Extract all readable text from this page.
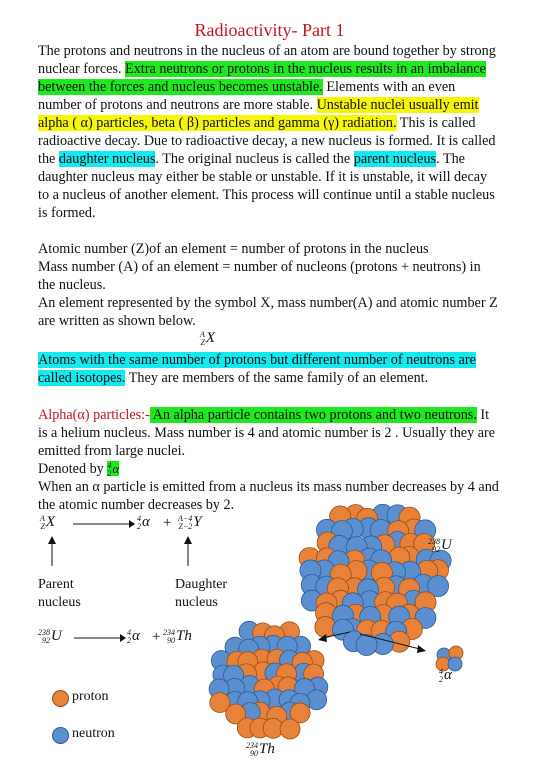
Radioactivity- Part 1
The protons and neutrons in the nucleus of an atom are bound together by strong nuclear forces. Extra neutrons or protons in the nucleus results in an imbalance between the forces and nucleus becomes unstable. Elements with an even number of protons and neutrons are more stable. Unstable nuclei usually emit alpha ( α) particles, beta ( β) particles and gamma (γ) radiation. This is called radioactive decay. Due to radioactive decay, a new nucleus is formed. It is called the daughter nucleus. The original nucleus is called the parent nucleus. The daughter nucleus may either be stable or unstable. If it is unstable, it will decay to a nucleus of another element. This process will continue until a stable nucleus is formed.
Atomic number (Z)of an element = number of protons in the nucleus
Mass number (A) of an element = number of nucleons (protons + neutrons) in the nucleus.
An element represented by the symbol X, mass number(A) and atomic number Z are written as shown below.
A
ZX
Atoms with the same number of protons but different number of neutrons are called isotopes. They are members of the same family of an element.
Alpha(α) particles:- An alpha particle contains two protons and two neutrons. It is a helium nucleus. Mass number is 4 and atomic number is 2 . Usually they are emitted from large nuclei.
Denoted by 4
2α
When an α particle is emitted from a nucleus its mass number decreases by 4 and the atomic number decreases by 2.
A
ZX → 4
2α + A−4
Z−2Y
Parent nucleus
Daughter nucleus
238
92U	4
2α + 234
90Th
238
92U
234
90Th
4
2α
proton
neutron
